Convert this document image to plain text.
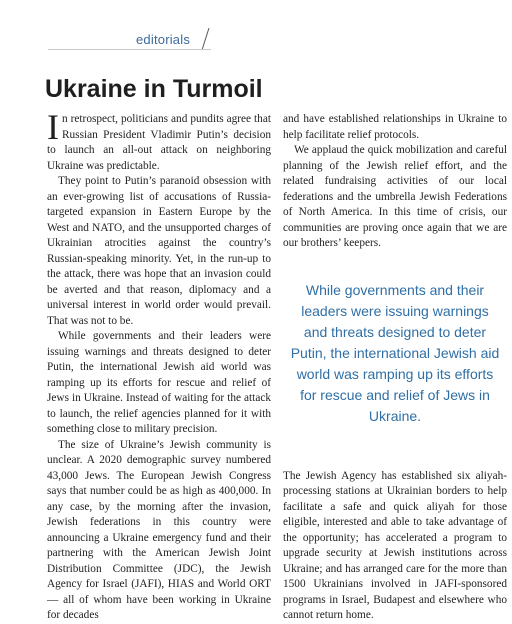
editorials
Ukraine in Turmoil

In retrospect, politicians and pundits agree that Russian President Vladimir Putin’s decision to launch an all-out attack on neighboring Ukraine was predictable.

They point to Putin’s paranoid obsession with an ever-growing list of accusations of Russia-targeted expansion in Eastern Europe by the West and NATO, and the unsupported charges of Ukrainian atrocities against the country’s Russian-speaking minority. Yet, in the run-up to the attack, there was hope that an invasion could be averted and that reason, diplomacy and a universal interest in world order would prevail. That was not to be.

While governments and their leaders were issuing warnings and threats designed to deter Putin, the international Jewish aid world was ramping up its efforts for rescue and relief of Jews in Ukraine. Instead of waiting for the attack to launch, the relief agencies planned for it with something close to military precision.

The size of Ukraine’s Jewish community is unclear. A 2020 demographic survey numbered 43,000 Jews. The European Jewish Congress says that number could be as high as 400,000. In any case, by the morning after the invasion, Jewish federations in this country were announcing a Ukraine emergency fund and their partnering with the American Jewish Joint Distribution Committee (JDC), the Jewish Agency for Israel (JAFI), HIAS and World ORT — all of whom have been working in Ukraine for decades

and have established relationships in Ukraine to help facilitate relief protocols.

We applaud the quick mobilization and careful planning of the Jewish relief effort, and the related fundraising activities of our local federations and the umbrella Jewish Federations of North America. In this time of crisis, our communities are proving once again that we are our brothers’ keepers.

While governments and their leaders were issuing warnings and threats designed to deter Putin, the international Jewish aid world was ramping up its efforts for rescue and relief of Jews in Ukraine.

The Jewish Agency has established six aliyah-processing stations at Ukrainian borders to help facilitate a safe and quick aliyah for those eligible, interested and able to take advantage of the opportunity; has accelerated a program to upgrade security at Jewish institutions across Ukraine; and has arranged care for the more than 1500 Ukrainians involved in JAFI-sponsored programs in Israel, Budapest and elsewhere who cannot return home.
